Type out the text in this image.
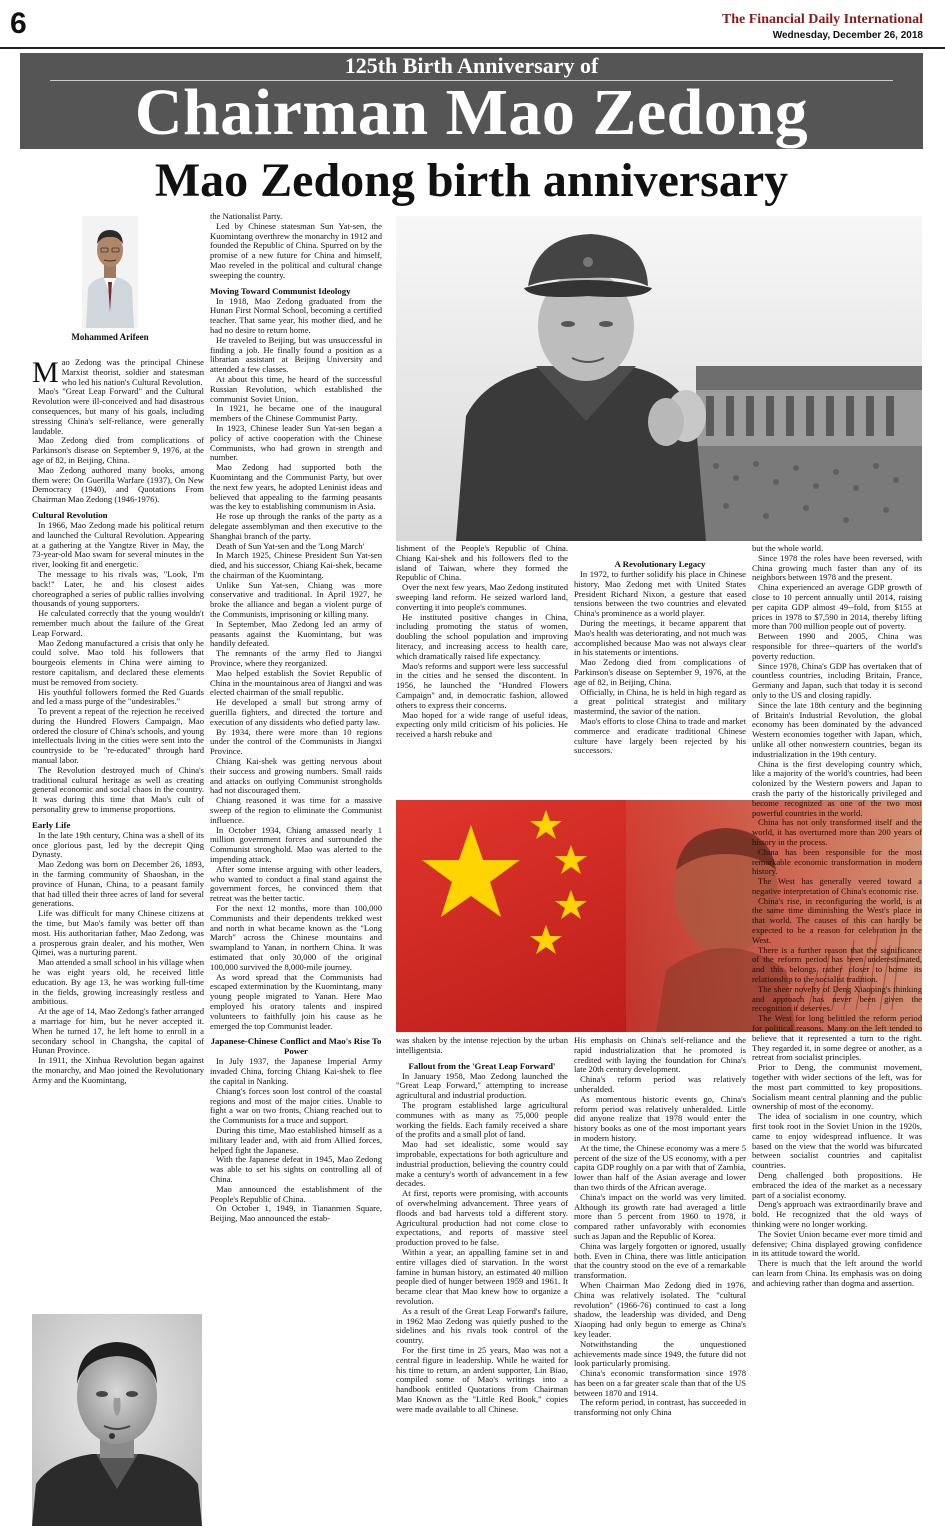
6	The Financial Daily International
Wednesday, December 26, 2018
125th Birth Anniversary of
Chairman Mao Zedong
Mao Zedong birth anniversary
Mohammed Arifeen

Mao Zedong was the principal Chinese Marxist theorist, soldier and statesman who led his nation's Cultural Revolution.

Mao's "Great Leap Forward" and the Cultural Revolution were ill-conceived and had disastrous consequences, but many of his goals, including stressing China's self-reliance, were generally laudable.

Mao Zedong died from complications of Parkinson's disease on September 9, 1976, at the age of 82, in Beijing, China.

Mao Zedong authored many books, among them were: On Guerilla Warfare (1937), On New Democracy (1940), and Quotations From Chairman Mao Zedong (1946-1976).

Cultural Revolution

In 1966, Mao Zedong made his political return and launched the Cultural Revolution. Appearing at a gathering at the Yangtze River in May, the 73-year-old Mao swam for several minutes in the river, looking fit and energetic.

The message to his rivals was, "Look, I'm back!" Later, he and his closest aides choreographed a series of public rallies involving thousands of young supporters.

He calculated correctly that the young wouldn't remember much about the failure of the Great Leap Forward.

Mao Zedong manufactured a crisis that only he could solve. Mao told his followers that bourgeois elements in China were aiming to restore capitalism, and declared these elements must be removed from society.

His youthful followers formed the Red Guards and led a mass purge of the "undesirables."

To prevent a repeat of the rejection he received during the Hundred Flowers Campaign, Mao ordered the closure of China's schools, and young intellectuals living in the cities were sent into the countryside to be "re-educated" through hard manual labor.

The Revolution destroyed much of China's traditional cultural heritage as well as creating general economic and social chaos in the country. It was during this time that Mao's cult of personality grew to immense proportions.

Early Life

In the late 19th century, China was a shell of its once glorious past, led by the decrepit Qing Dynasty.

Mao Zedong was born on December 26, 1893, in the farming community of Shaoshan, in the province of Hunan, China, to a peasant family that had tilled their three acres of land for several generations.

Life was difficult for many Chinese citizens at the time, but Mao's family was better off than most. His authoritarian father, Mao Zedong, was a prosperous grain dealer, and his mother, Wen Qimei, was a nurturing parent.

Mao attended a small school in his village when he was eight years old, he received little education. By age 13, he was working full-time in the fields, growing increasingly restless and ambitious.

At the age of 14, Mao Zedong's father arranged a marriage for him, but he never accepted it. When he turned 17, he left home to enroll in a secondary school in Changsha, the capital of Hunan Province.

In 1911, the Xinhua Revolution began against the monarchy, and Mao joined the Revolutionary Army and the Kuomintang,

the Nationalist Party.

Led by Chinese statesman Sun Yat-sen, the Kuomintang overthrew the monarchy in 1912 and founded the Republic of China. Spurred on by the promise of a new future for China and himself, Mao reveled in the political and cultural change sweeping the country.

Moving Toward Communist Ideology

In 1918, Mao Zedong graduated from the Hunan First Normal School, becoming a certified teacher. That same year, his mother died, and he had no desire to return home.

He traveled to Beijing, but was unsuccessful in finding a job. He finally found a position as a librarian assistant at Beijing University and attended a few classes.

At about this time, he heard of the successful Russian Revolution, which established the communist Soviet Union.

In 1921, he became one of the inaugural members of the Chinese Communist Party.

In 1923, Chinese leader Sun Yat-sen began a policy of active cooperation with the Chinese Communists, who had grown in strength and number.

Mao Zedong had supported both the Kuomintang and the Communist Party, but over the next few years, he adopted Leninist ideas and believed that appealing to the farming peasants was the key to establishing communism in Asia.

He rose up through the ranks of the party as a delegate assemblyman and then executive to the Shanghai branch of the party.

Death of Sun Yat-sen and the 'Long March'

In March 1925, Chinese President Sun Yat-sen died, and his successor, Chiang Kai-shek, became the chairman of the Kuomintang.

Unlike Sun Yat-sen, Chiang was more conservative and traditional. In April 1927, he broke the alliance and began a violent purge of the Communists, imprisoning or killing many.

In September, Mao Zedong led an army of peasants against the Kuomintang, but was handily defeated.

The remnants of the army fled to Jiangxi Province, where they reorganized.

Mao helped establish the Soviet Republic of China in the mountainous area of Jiangxi and was elected chairman of the small republic.

He developed a small but strong army of guerilla fighters, and directed the torture and execution of any dissidents who defied party law.

By 1934, there were more than 10 regions under the control of the Communists in Jiangxi Province.

Chiang Kai-shek was getting nervous about their success and growing numbers. Small raids and attacks on outlying Communist strongholds had not discouraged them.

Chiang reasoned it was time for a massive sweep of the region to eliminate the Communist influence.

In October 1934, Chiang amassed nearly 1 million government forces and surrounded the Communist stronghold. Mao was alerted to the impending attack.

After some intense arguing with other leaders, who wanted to conduct a final stand against the government forces, he convinced them that retreat was the better tactic.

For the next 12 months, more than 100,000 Communists and their dependents trekked west and north in what became known as the "Long March" across the Chinese mountains and swampland to Yanan, in northern China. It was estimated that only 30,000 of the original 100,000 survived the 8,000-mile journey.

As word spread that the Communists had escaped extermination by the Kuomintang, many young people migrated to Yanan. Here Mao employed his oratory talents and inspired volunteers to faithfully join his cause as he emerged the top Communist leader.

Japanese-Chinese Conflict and Mao's Rise To Power

In July 1937, the Japanese Imperial Army invaded China, forcing Chiang Kai-shek to flee the capital in Nanking.

Chiang's forces soon lost control of the coastal regions and most of the major cities. Unable to fight a war on two fronts, Chiang reached out to the Communists for a truce and support.

During this time, Mao established himself as a military leader and, with aid from Allied forces, helped fight the Japanese.

With the Japanese defeat in 1945, Mao Zedong was able to set his sights on controlling all of China.

Mao announced the establishment of the People's Republic of China.

On October 1, 1949, in Tiananmen Square, Beijing, Mao announced the estab-

lishment of the People's Republic of China. Chiang Kai-shek and his followers fled to the island of Taiwan, where they formed the Republic of China.

Over the next few years, Mao Zedong instituted sweeping land reform. He seized warlord land, converting it into people's communes.

He instituted positive changes in China, including promoting the status of women, doubling the school population and improving literacy, and increasing access to health care, which dramatically raised life expectancy.

Mao's reforms and support were less successful in the cities and he sensed the discontent. In 1956, he launched the "Hundred Flowers Campaign" and, in democratic fashion, allowed others to express their concerns.

Mao hoped for a wide range of useful ideas, expecting only mild criticism of his policies. He received a harsh rebuke and

A Revolutionary Legacy

In 1972, to further solidify his place in Chinese history, Mao Zedong met with United States President Richard Nixon, a gesture that eased tensions between the two countries and elevated China's prominence as a world player.

During the meetings, it became apparent that Mao's health was deteriorating, and not much was accomplished because Mao was not always clear in his statements or intentions.

Mao Zedong died from complications of Parkinson's disease on September 9, 1976, at the age of 82, in Beijing, China.

Officially, in China, he is held in high regard as a great political strategist and military mastermind, the savior of the nation.

Mao's efforts to close China to trade and market commerce and eradicate traditional Chinese culture have largely been rejected by his successors.

was shaken by the intense rejection by the urban intelligentsia.

Fallout from the 'Great Leap Forward'

In January 1958, Mao Zedong launched the "Great Leap Forward," attempting to increase agricultural and industrial production.

The program established large agricultural communes with as many as 75,000 people working the fields. Each family received a share of the profits and a small plot of land.

Mao had set idealistic, some would say improbable, expectations for both agriculture and industrial production, believing the country could make a century's worth of advancement in a few decades.

At first, reports were promising, with accounts of overwhelming advancement. Three years of floods and bad harvests told a different story. Agricultural production had not come close to expectations, and reports of massive steel production proved to be false.

Within a year, an appalling famine set in and entire villages died of starvation. In the worst famine in human history, an estimated 40 million people died of hunger between 1959 and 1961. It became clear that Mao knew how to organize a revolution.

As a result of the Great Leap Forward's failure, in 1962 Mao Zedong was quietly pushed to the sidelines and his rivals took control of the country.

For the first time in 25 years, Mao was not a central figure in leadership. While he waited for his time to return, an ardent supporter, Lin Biao, compiled some of Mao's writings into a handbook entitled Quotations from Chairman Mao Known as the "Little Red Book," copies were made available to all Chinese.

His emphasis on China's self-reliance and the rapid industrialization that he promoted is credited with laying the foundation for China's late 20th century development.

China's reform period was relatively unheralded.

As momentous historic events go, China's reform period was relatively unheralded. Little did anyone realize that 1978 would enter the history books as one of the most important years in modern history.

At the time, the Chinese economy was a mere 5 percent of the size of the US economy, with a per capita GDP roughly on a par with that of Zambia, lower than half of the Asian average and lower than two thirds of the African average.

China's impact on the world was very limited. Although its growth rate had averaged a little more than 5 percent from 1960 to 1978, it compared rather unfavorably with economies such as Japan and the Republic of Korea.

China was largely forgotten or ignored, usually both. Even in China, there was little anticipation that the country stood on the eve of a remarkable transformation.

When Chairman Mao Zedong died in 1976, China was relatively isolated. The "cultural revolution" (1966-76) continued to cast a long shadow, the leadership was divided, and Deng Xiaoping had only begun to emerge as China's key leader.

Notwithstanding the unquestioned achievements made since 1949, the future did not look particularly promising.

China's economic transformation since 1978 has been on a far greater scale than that of the US between 1870 and 1914.

The reform period, in contrast, has succeeded in transforming not only China

but the whole world.

Since 1978 the roles have been reversed, with China growing much faster than any of its neighbors between 1978 and the present.

China experienced an average GDP growth of close to 10 percent annually until 2014, raising per capita GDP almost 49--fold, from $155 at prices in 1978 to $7,590 in 2014, thereby lifting more than 700 million people out of poverty.

Between 1990 and 2005, China was responsible for three--quarters of the world's poverty reduction.

Since 1978, China's GDP has overtaken that of countless countries, including Britain, France, Germany and Japan, such that today it is second only to the US and closing rapidly.

Since the late 18th century and the beginning of Britain's Industrial Revolution, the global economy has been dominated by the advanced Western economies together with Japan, which, unlike all other nonwestern countries, began its industrialization in the 19th century.

China is the first developing country which, like a majority of the world's countries, had been colonized by the Western powers and Japan to crash the party of the historically privileged and become recognized as one of the two most powerful countries in the world.

China has not only transformed itself and the world, it has overturned more than 200 years of history in the process.

China has been responsible for the most remarkable economic transformation in modern history.

The West has generally veered toward a negative interpretation of China's economic rise.

China's rise, in reconfiguring the world, is at the same time diminishing the West's place in that world. The causes of this can hardly be expected to be a reason for celebration in the West.

There is a further reason that the significance of the reform period has been underestimated, and this belongs rather closer to home its relationship to the socialist tradition.

The sheer novelty of Deng Xiaoping's thinking and approach has never been given the recognition it deserves.

The West for long belittled the reform period for political reasons. Many on the left tended to believe that it represented a turn to the right. They regarded it, in some degree or another, as a retreat from socialist principles.

Prior to Deng, the communist movement, together with wider sections of the left, was for the most part committed to key propositions. Socialism meant central planning and the public ownership of most of the economy.

The idea of socialism in one country, which first took root in the Soviet Union in the 1920s, came to enjoy widespread influence. It was based on the view that the world was bifurcated between socialist countries and capitalist countries.

Deng challenged both propositions. He embraced the idea of the market as a necessary part of a socialist economy.

Deng's approach was extraordinarily brave and bold. He recognized that the old ways of thinking were no longer working.

The Soviet Union became ever more timid and defensive; China displayed growing confidence in its attitude toward the world.

There is much that the left around the world can learn from China. Its emphasis was on doing and achieving rather than dogma and assertion.
